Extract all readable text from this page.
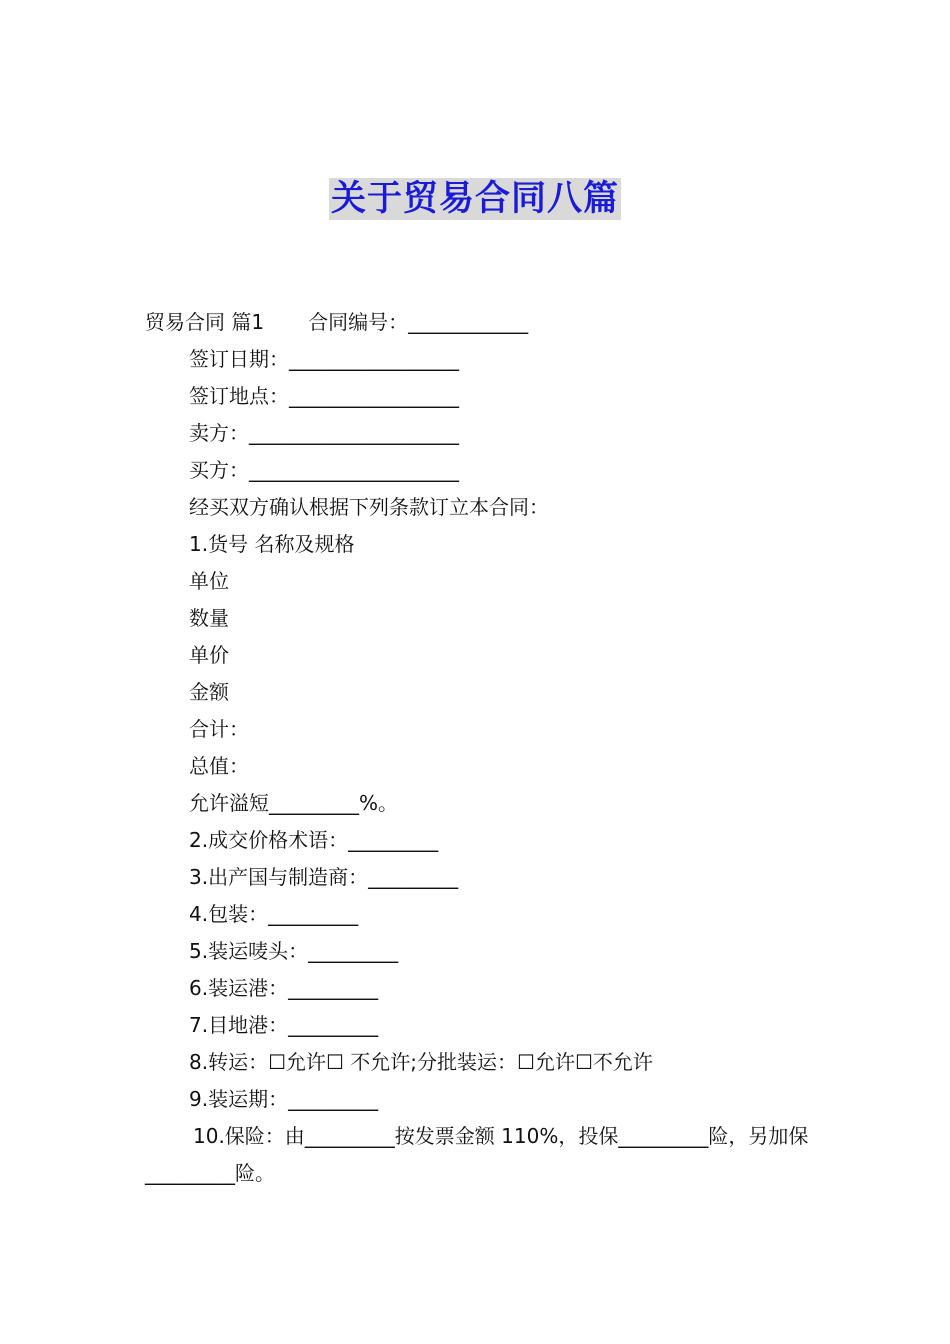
关于贸易合同八篇
贸易合同 篇1 合同编号：____________
签订日期：_________________
签订地点：_________________
卖方：_____________________
买方：_____________________
经买双方确认根据下列条款订立本合同：
1.货号 名称及规格
单位
数量
单价
金额
合计：
总值：
允许溢短_________%。
2.成交价格术语：_________
3.出产国与制造商：_________
4.包装：_________
5.装运唛头：_________
6.装运港：_________
7.目地港：_________
8.转运：☐允许☐ 不允许;分批装运：☐允许☐不允许
9.装运期：_________
10.保险：由_________按发票金额 110%，投保_________险，另加保_________险。
